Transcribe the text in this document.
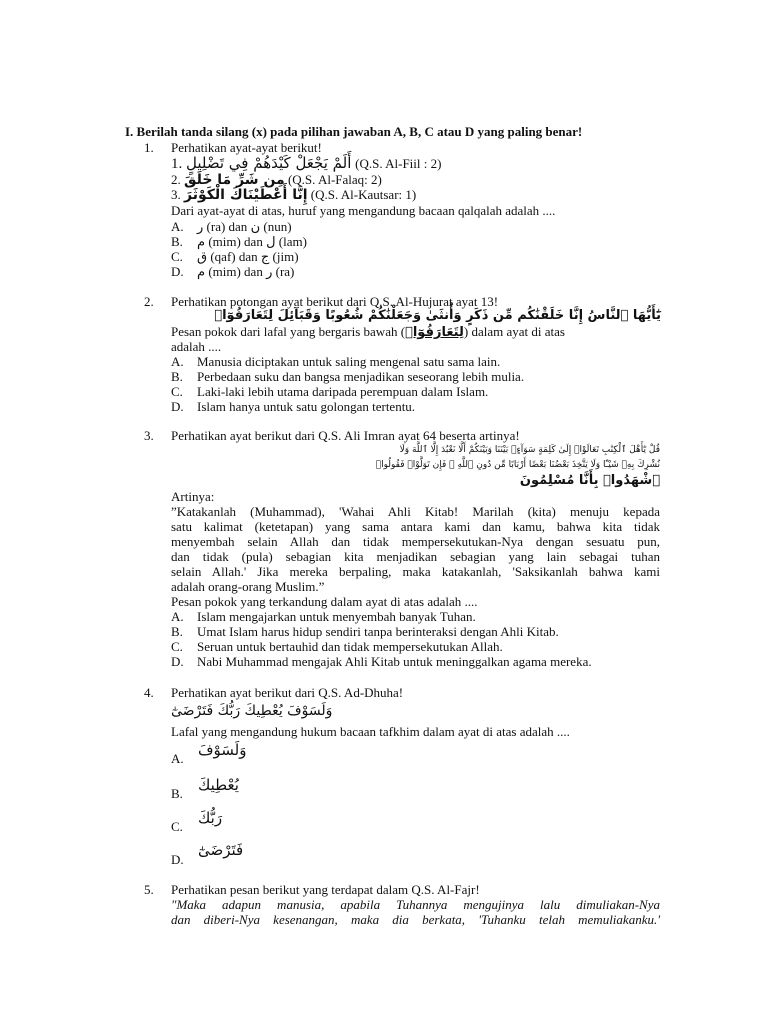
I. Berilah tanda silang (x) pada pilihan jawaban A, B, C atau D yang paling benar!
1. Perhatikan ayat-ayat berikut!
1. أَلَمْ يَجْعَلْ كَيْدَهُمْ فِي تَضْلِيلٍ (Q.S. Al-Fiil : 2)
2. مِن شَرِّ مَا خَلَقَ (Q.S. Al-Falaq: 2)
3. إِنَّا أَعْطَيْنَاكَ الْكَوْثَرَ (Q.S. Al-Kautsar: 1)
Dari ayat-ayat di atas, huruf yang mengandung bacaan qalqalah adalah ....
A. ر (ra) dan ن (nun)
B. م (mim) dan ل (lam)
C. ق (qaf) dan ج (jim)
D. م (mim) dan ر (ra)
2. Perhatikan potongan ayat berikut dari Q.S. Al-Hujurat ayat 13!
يَٰٓأَيُّهَا ٱلنَّاسُ إِنَّا خَلَقْنَٰكُم مِّن ذَكَرٍ وَأُنثَىٰ وَجَعَلْنَٰكُمْ شُعُوبًا وَقَبَآئِلَ لِتَعَارَفُوٓا۟
Pesan pokok dari lafal yang bergaris bawah (لِتَعَارَفُوٓا۟) dalam ayat di atas
adalah ....
A. Manusia diciptakan untuk saling mengenal satu sama lain.
B. Perbedaan suku dan bangsa menjadikan seseorang lebih mulia.
C. Laki-laki lebih utama daripada perempuan dalam Islam.
D. Islam hanya untuk satu golongan tertentu.
3. Perhatikan ayat berikut dari Q.S. Ali Imran ayat 64 beserta artinya!
قُلْ يَٰٓأَهْلَ ٱلْكِتَٰبِ تَعَالَوْا۟ إِلَىٰ كَلِمَةٍ سَوَآءٍۭ بَيْنَنَا وَبَيْنَكُمْ أَلَّا نَعْبُدَ إِلَّا ٱللَّهَ وَلَا
نُشْرِكَ بِهِۦ شَيْـًٔا وَلَا يَتَّخِذَ بَعْضُنَا بَعْضًا أَرْبَابًا مِّن دُونِ ٱللَّهِ ۚ فَإِن تَوَلَّوْا۟ فَقُولُوا۟
ٱشْهَدُوا۟ بِأَنَّا مُسْلِمُونَ
Artinya:
”Katakanlah (Muhammad), 'Wahai Ahli Kitab! Marilah (kita) menuju kepada
satu kalimat (ketetapan) yang sama antara kami dan kamu, bahwa kita tidak
menyembah selain Allah dan tidak mempersekutukan-Nya dengan sesuatu pun,
dan tidak (pula) sebagian kita menjadikan sebagian yang lain sebagai tuhan
selain Allah.' Jika mereka berpaling, maka katakanlah, 'Saksikanlah bahwa kami
adalah orang-orang Muslim.”
Pesan pokok yang terkandung dalam ayat di atas adalah ....
A. Islam mengajarkan untuk menyembah banyak Tuhan.
B. Umat Islam harus hidup sendiri tanpa berinteraksi dengan Ahli Kitab.
C. Seruan untuk bertauhid dan tidak mempersekutukan Allah.
D. Nabi Muhammad mengajak Ahli Kitab untuk meninggalkan agama mereka.
4. Perhatikan ayat berikut dari Q.S. Ad-Dhuha!
وَلَسَوْفَ يُعْطِيكَ رَبُّكَ فَتَرْضَىٰٓ
Lafal yang mengandung hukum bacaan tafkhim dalam ayat di atas adalah ....
A. وَلَسَوْفَ
B. يُعْطِيكَ
C. رَبُّكَ
D.
فَتَرْضَىٰٓ
5. Perhatikan pesan berikut yang terdapat dalam Q.S. Al-Fajr!
"Maka adapun manusia, apabila Tuhannya mengujinya lalu dimuliakan-Nya
dan diberi-Nya kesenangan, maka dia berkata, 'Tuhanku telah memuliakanku.'
